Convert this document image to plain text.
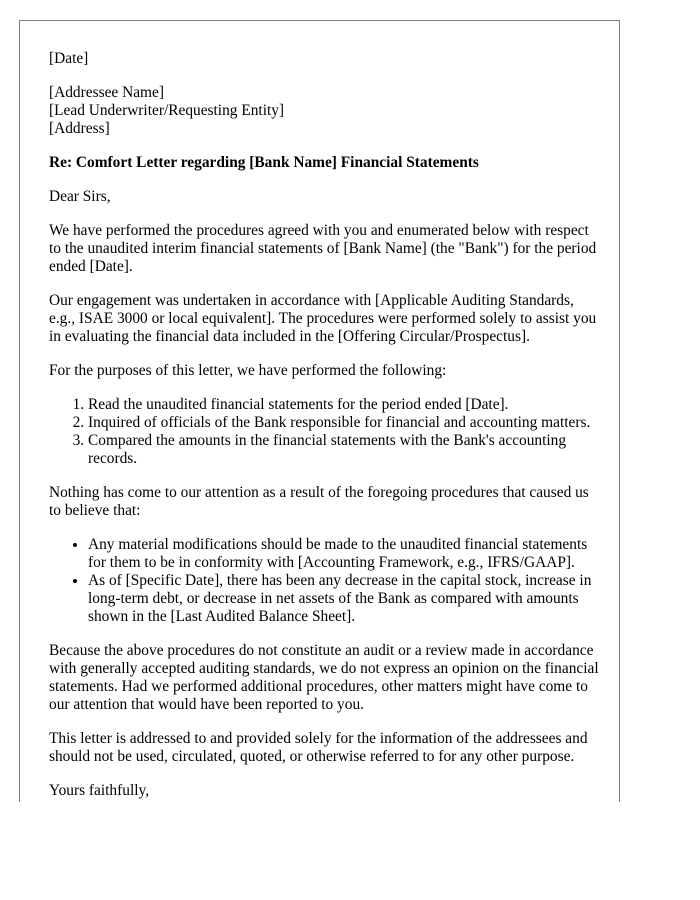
[Date]

[Addressee Name]
[Lead Underwriter/Requesting Entity]
[Address]

Re: Comfort Letter regarding [Bank Name] Financial Statements

Dear Sirs,

We have performed the procedures agreed with you and enumerated below with respect to the unaudited interim financial statements of [Bank Name] (the "Bank") for the period ended [Date].

Our engagement was undertaken in accordance with [Applicable Auditing Standards, e.g., ISAE 3000 or local equivalent]. The procedures were performed solely to assist you in evaluating the financial data included in the [Offering Circular/Prospectus].

For the purposes of this letter, we have performed the following:

1. Read the unaudited financial statements for the period ended [Date].
2. Inquired of officials of the Bank responsible for financial and accounting matters.
3. Compared the amounts in the financial statements with the Bank's accounting records.

Nothing has come to our attention as a result of the foregoing procedures that caused us to believe that:

• Any material modifications should be made to the unaudited financial statements for them to be in conformity with [Accounting Framework, e.g., IFRS/GAAP].
• As of [Specific Date], there has been any decrease in the capital stock, increase in long-term debt, or decrease in net assets of the Bank as compared with amounts shown in the [Last Audited Balance Sheet].

Because the above procedures do not constitute an audit or a review made in accordance with generally accepted auditing standards, we do not express an opinion on the financial statements. Had we performed additional procedures, other matters might have come to our attention that would have been reported to you.

This letter is addressed to and provided solely for the information of the addressees and should not be used, circulated, quoted, or otherwise referred to for any other purpose.

Yours faithfully,
